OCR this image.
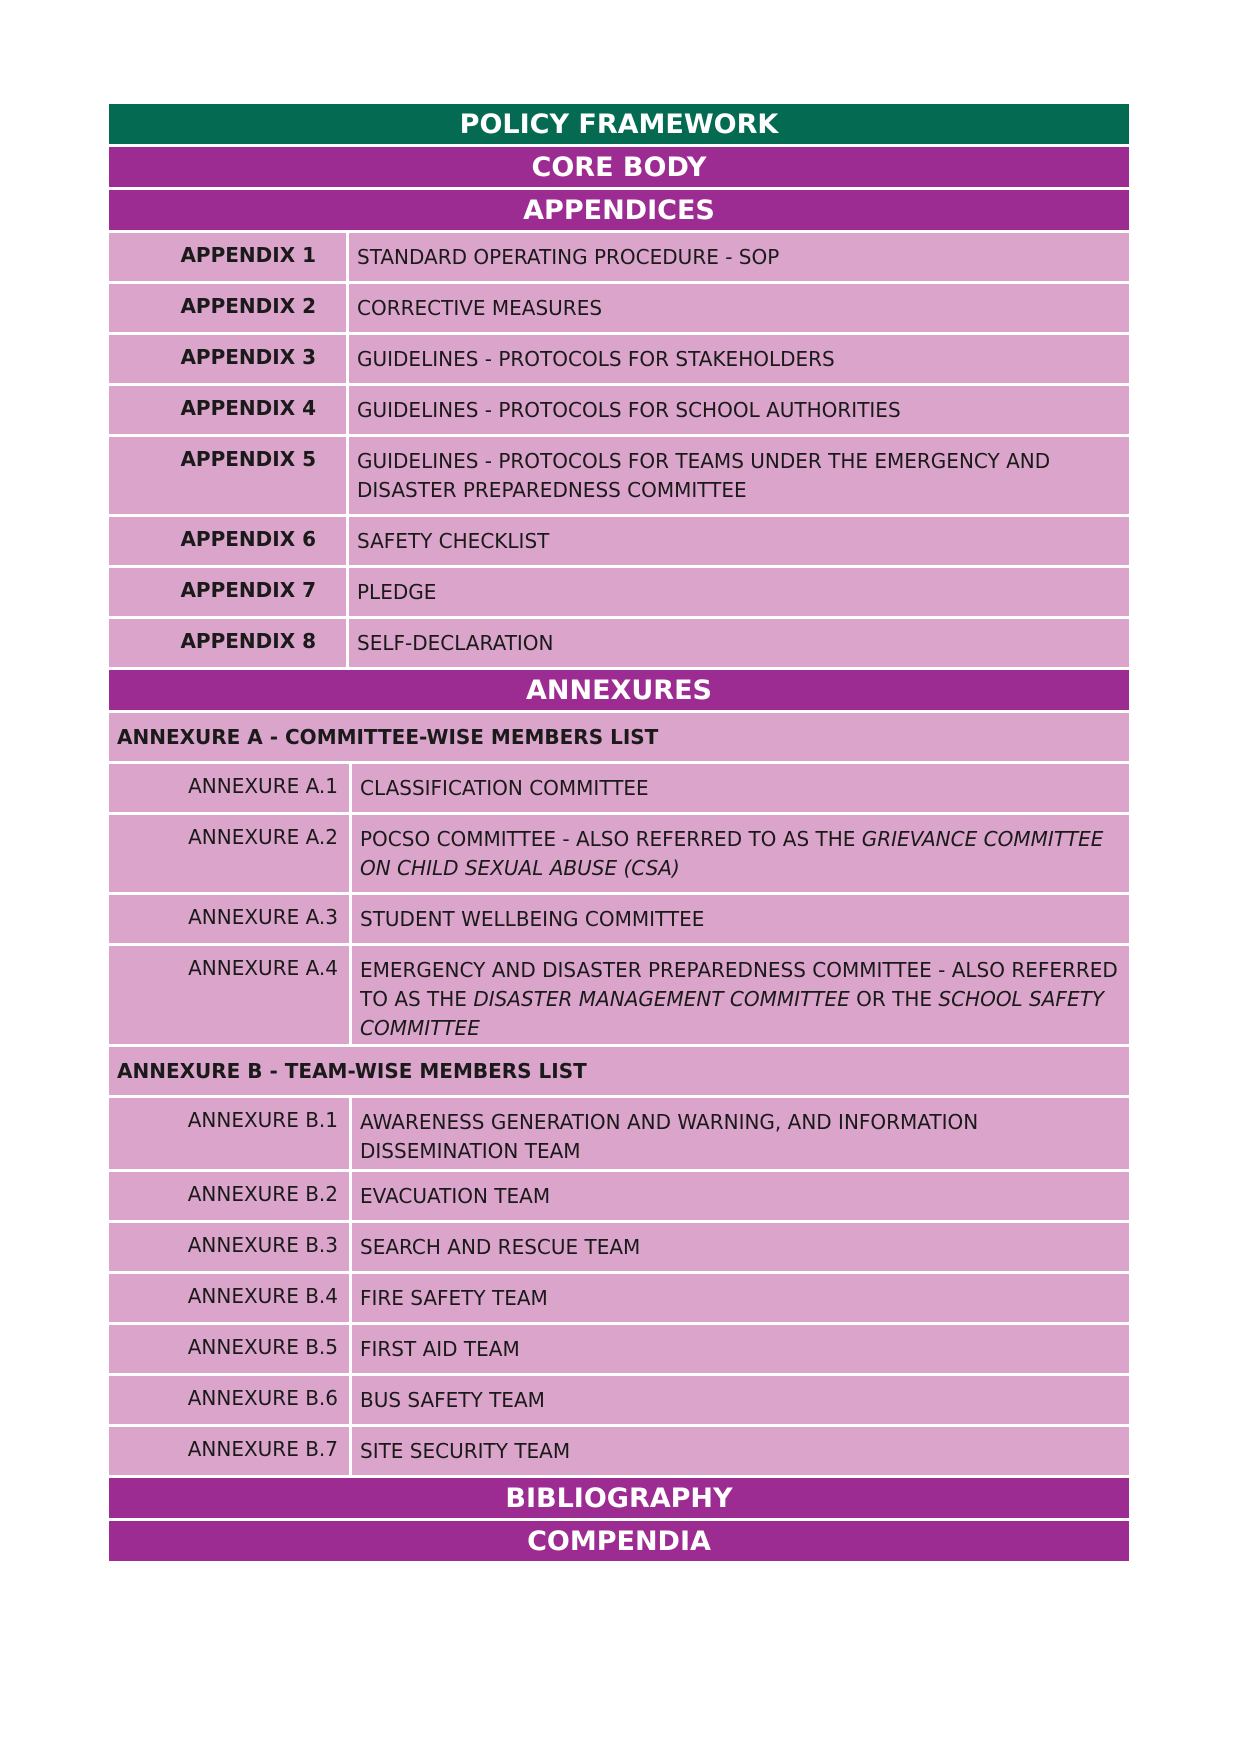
POLICY FRAMEWORK
CORE BODY
APPENDICES
APPENDIX 1	STANDARD OPERATING PROCEDURE - SOP
APPENDIX 2	CORRECTIVE MEASURES
APPENDIX 3	GUIDELINES - PROTOCOLS FOR STAKEHOLDERS
APPENDIX 4	GUIDELINES - PROTOCOLS FOR SCHOOL AUTHORITIES
APPENDIX 5	GUIDELINES - PROTOCOLS FOR TEAMS UNDER THE EMERGENCY AND DISASTER PREPAREDNESS COMMITTEE
APPENDIX 6	SAFETY CHECKLIST
APPENDIX 7	PLEDGE
APPENDIX 8	SELF-DECLARATION
ANNEXURES
ANNEXURE A - COMMITTEE-WISE MEMBERS LIST
ANNEXURE A.1	CLASSIFICATION COMMITTEE
ANNEXURE A.2	POCSO COMMITTEE - ALSO REFERRED TO AS THE GRIEVANCE COMMITTEE ON CHILD SEXUAL ABUSE (CSA)
ANNEXURE A.3	STUDENT WELLBEING COMMITTEE
ANNEXURE A.4	EMERGENCY AND DISASTER PREPAREDNESS COMMITTEE - ALSO REFERRED TO AS THE DISASTER MANAGEMENT COMMITTEE OR THE SCHOOL SAFETY COMMITTEE
ANNEXURE B - TEAM-WISE MEMBERS LIST
ANNEXURE B.1	AWARENESS GENERATION AND WARNING, AND INFORMATION DISSEMINATION TEAM
ANNEXURE B.2	EVACUATION TEAM
ANNEXURE B.3	SEARCH AND RESCUE TEAM
ANNEXURE B.4	FIRE SAFETY TEAM
ANNEXURE B.5	FIRST AID TEAM
ANNEXURE B.6	BUS SAFETY TEAM
ANNEXURE B.7	SITE SECURITY TEAM
BIBLIOGRAPHY
COMPENDIA
